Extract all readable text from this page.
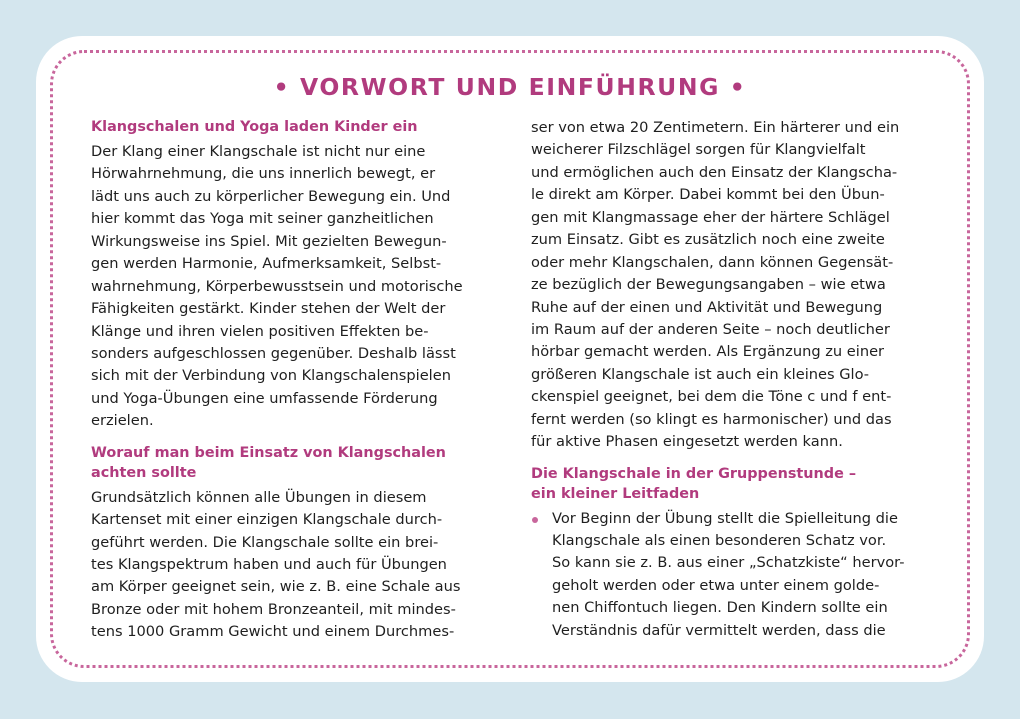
• VORWORT UND EINFÜHRUNG •
Klangschalen und Yoga laden Kinder ein
Der Klang einer Klangschale ist nicht nur eine
Hörwahrnehmung, die uns innerlich bewegt, er
lädt uns auch zu körperlicher Bewegung ein. Und
hier kommt das Yoga mit seiner ganzheitlichen
Wirkungsweise ins Spiel. Mit gezielten Bewegun-
gen werden Harmonie, Aufmerksamkeit, Selbst-
wahrnehmung, Körperbewusstsein und motorische
Fähigkeiten gestärkt. Kinder stehen der Welt der
Klänge und ihren vielen positiven Effekten be-
sonders aufgeschlossen gegenüber. Deshalb lässt
sich mit der Verbindung von Klangschalenspielen
und Yoga-Übungen eine umfassende Förderung
erzielen.
Worauf man beim Einsatz von Klangschalen
achten sollte
Grundsätzlich können alle Übungen in diesem
Kartenset mit einer einzigen Klangschale durch-
geführt werden. Die Klangschale sollte ein brei-
tes Klangspektrum haben und auch für Übungen
am Körper geeignet sein, wie z. B. eine Schale aus
Bronze oder mit hohem Bronzeanteil, mit mindes-
tens 1000 Gramm Gewicht und einem Durchmes-
ser von etwa 20 Zentimetern. Ein härterer und ein
weicherer Filzschlägel sorgen für Klangvielfalt
und ermöglichen auch den Einsatz der Klangscha-
le direkt am Körper. Dabei kommt bei den Übun-
gen mit Klangmassage eher der härtere Schlägel
zum Einsatz. Gibt es zusätzlich noch eine zweite
oder mehr Klangschalen, dann können Gegensät-
ze bezüglich der Bewegungsangaben – wie etwa
Ruhe auf der einen und Aktivität und Bewegung
im Raum auf der anderen Seite – noch deutlicher
hörbar gemacht werden. Als Ergänzung zu einer
größeren Klangschale ist auch ein kleines Glo-
ckenspiel geeignet, bei dem die Töne c und f ent-
fernt werden (so klingt es harmonischer) und das
für aktive Phasen eingesetzt werden kann.
Die Klangschale in der Gruppenstunde –
ein kleiner Leitfaden
Vor Beginn der Übung stellt die Spielleitung die
Klangschale als einen besonderen Schatz vor.
So kann sie z. B. aus einer „Schatzkiste“ hervor-
geholt werden oder etwa unter einem golde-
nen Chiffontuch liegen. Den Kindern sollte ein
Verständnis dafür vermittelt werden, dass die
